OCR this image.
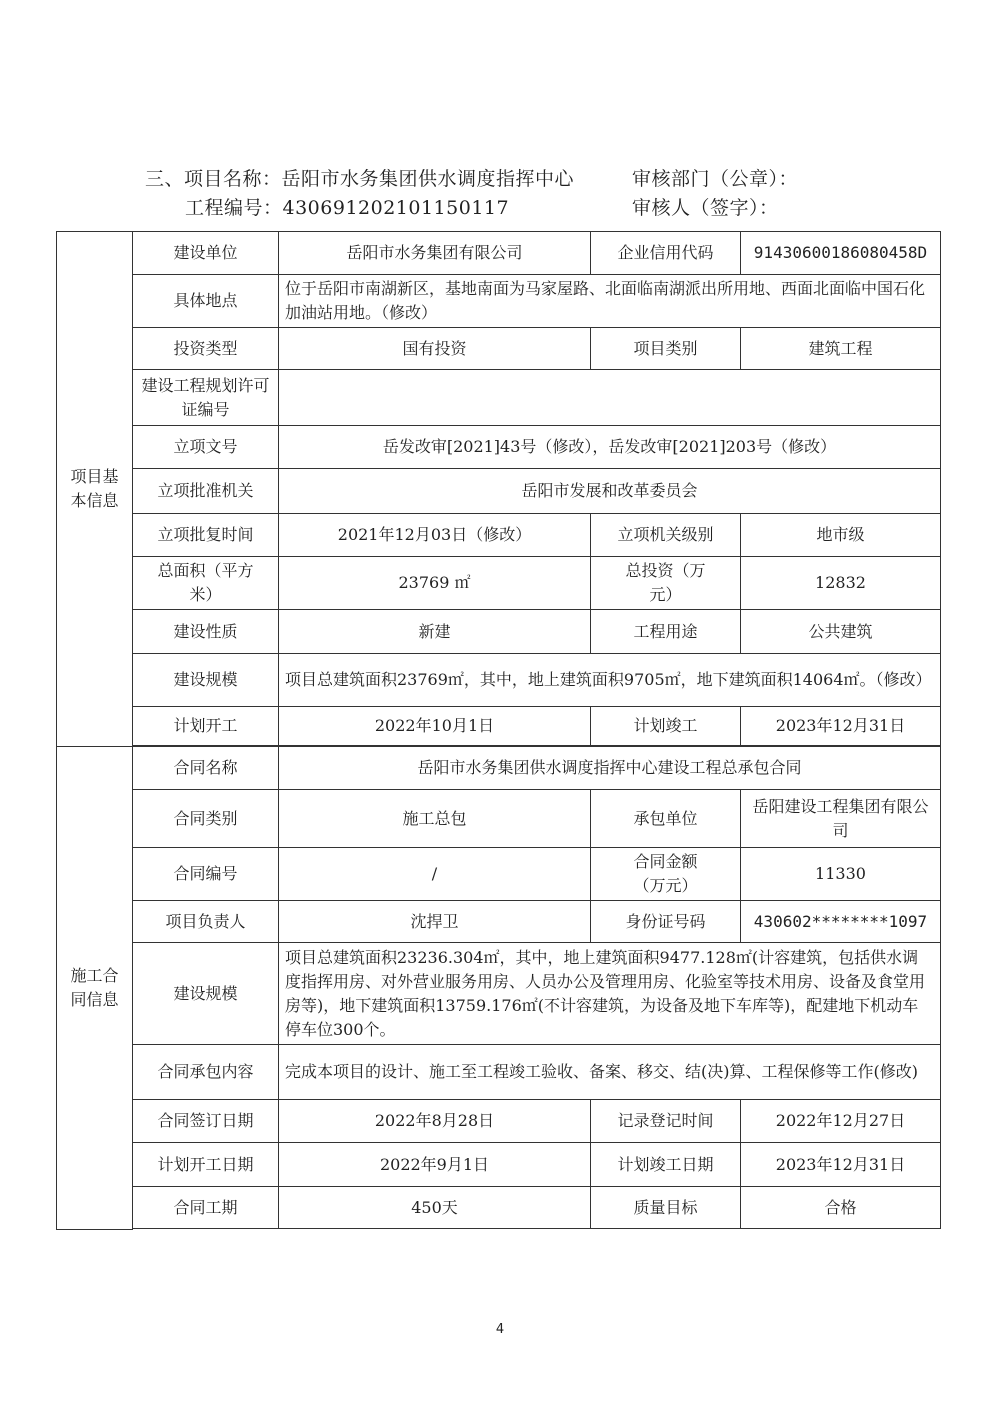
三、项目名称：岳阳市水务集团供水调度指挥中心
工程编号：430691202101150117
审核部门（公章）：
审核人（签字）：
项目基本信息	建设单位	岳阳市水务集团有限公司	企业信用代码	91430600186080458D
	具体地点	位于岳阳市南湖新区，基地南面为马家屋路、北面临南湖派出所用地、西面北面临中国石化加油站用地。（修改）		
	投资类型	国有投资	项目类别	建筑工程
	建设工程规划许可证编号			
	立项文号	岳发改审[2021]43号（修改），岳发改审[2021]203号（修改）		
	立项批准机关	岳阳市发展和改革委员会		
	立项批复时间	2021年12月03日（修改）	立项机关级别	地市级
	总面积（平方米）	23769 ㎡	总投资（万元）	12832
	建设性质	新建	工程用途	公共建筑
	建设规模	项目总建筑面积23769㎡，其中，地上建筑面积9705㎡，地下建筑面积14064㎡。（修改）		
	计划开工	2022年10月1日	计划竣工	2023年12月31日

施工合同信息	合同名称	岳阳市水务集团供水调度指挥中心建设工程总承包合同		
	合同类别	施工总包	承包单位	岳阳建设工程集团有限公司
	合同编号	/	合同金额（万元）	11330
	项目负责人	沈捍卫	身份证号码	430602********1097
	建设规模	项目总建筑面积23236.304㎡，其中，地上建筑面积9477.128㎡(计容建筑，包括供水调度指挥用房、对外营业服务用房、人员办公及管理用房、化验室等技术用房、设备及食堂用房等)，地下建筑面积13759.176㎡(不计容建筑，为设备及地下车库等)，配建地下机动车停车位300个。		
	合同承包内容	完成本项目的设计、施工至工程竣工验收、备案、移交、结(决)算、工程保修等工作(修改)		
	合同签订日期	2022年8月28日	记录登记时间	2022年12月27日
	计划开工日期	2022年9月1日	计划竣工日期	2023年12月31日
	合同工期	450天	质量目标	合格

4
